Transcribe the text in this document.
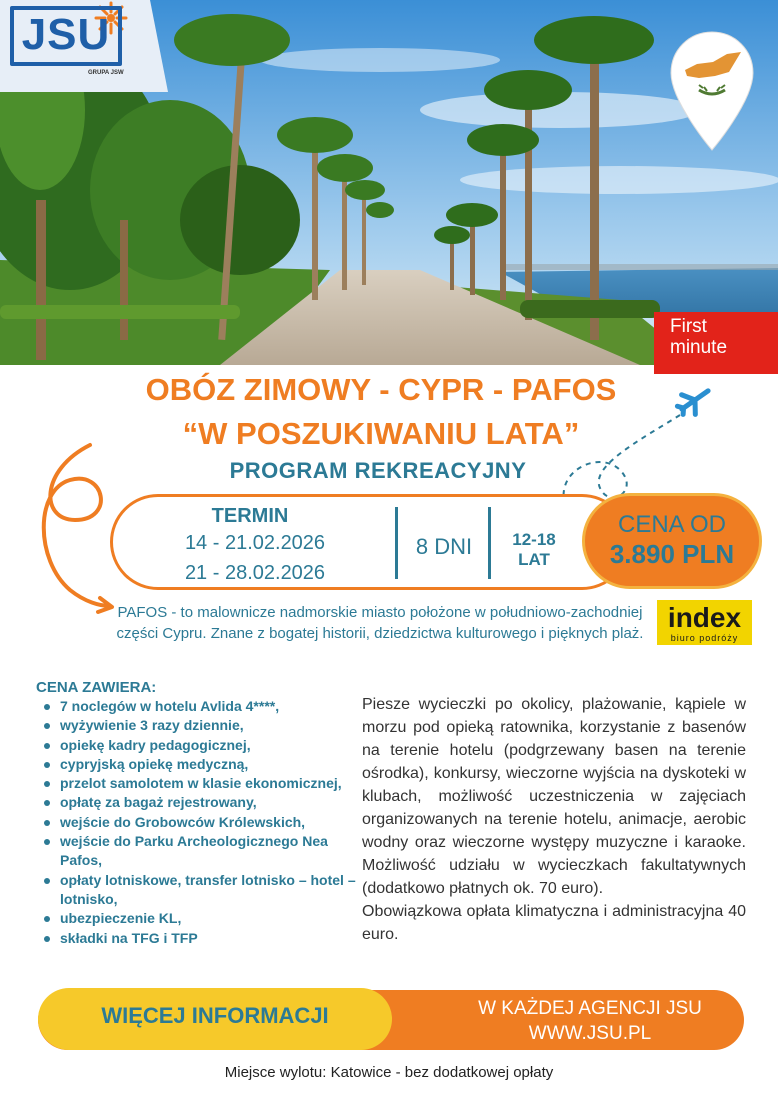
JSU
GRUPA JSW
First
minute
OBÓZ ZIMOWY - CYPR - PAFOS
“W POSZUKIWANIU LATA”
PROGRAM REKREACYJNY
TERMIN
14 - 21.02.2026
21 - 28.02.2026
8 DNI	12-18
LAT
CENA OD
3.890 PLN
PAFOS - to malownicze nadmorskie miasto położone w południowo-zachodniej części Cypru. Znane z bogatej historii, dziedzictwa kulturowego i pięknych plaż.
index
biuro podróży
CENA ZAWIERA:
7 noclegów w hotelu Avlida 4****,
wyżywienie 3 razy dziennie,
opiekę kadry pedagogicznej,
cypryjską opiekę medyczną,
przelot samolotem w klasie ekonomicznej,
opłatę za bagaż rejestrowany,
wejście do Grobowców Królewskich,
wejście do Parku Archeologicznego Nea Pafos,
opłaty lotniskowe, transfer lotnisko – hotel – lotnisko,
ubezpieczenie KL,
składki na TFG i TFP

Piesze wycieczki po okolicy, plażowanie, kąpiele w morzu pod opieką ratownika, korzystanie z basenów na terenie hotelu (podgrzewany basen na terenie ośrodka), konkursy, wieczorne wyjścia na dyskoteki w klubach, możliwość uczestniczenia w zajęciach organizowanych na terenie hotelu, animacje, aerobic wodny oraz wieczorne występy muzyczne i karaoke. Możliwość udziału w wycieczkach fakultatywnych (dodatkowo płatnych ok. 70 euro).

Obowiązkowa opłata klimatyczna i administracyjna 40 euro.

WIĘCEJ INFORMACJI	W KAŻDEJ AGENCJI JSU
WWW.JSU.PL
Miejsce wylotu: Katowice - bez dodatkowej opłaty
